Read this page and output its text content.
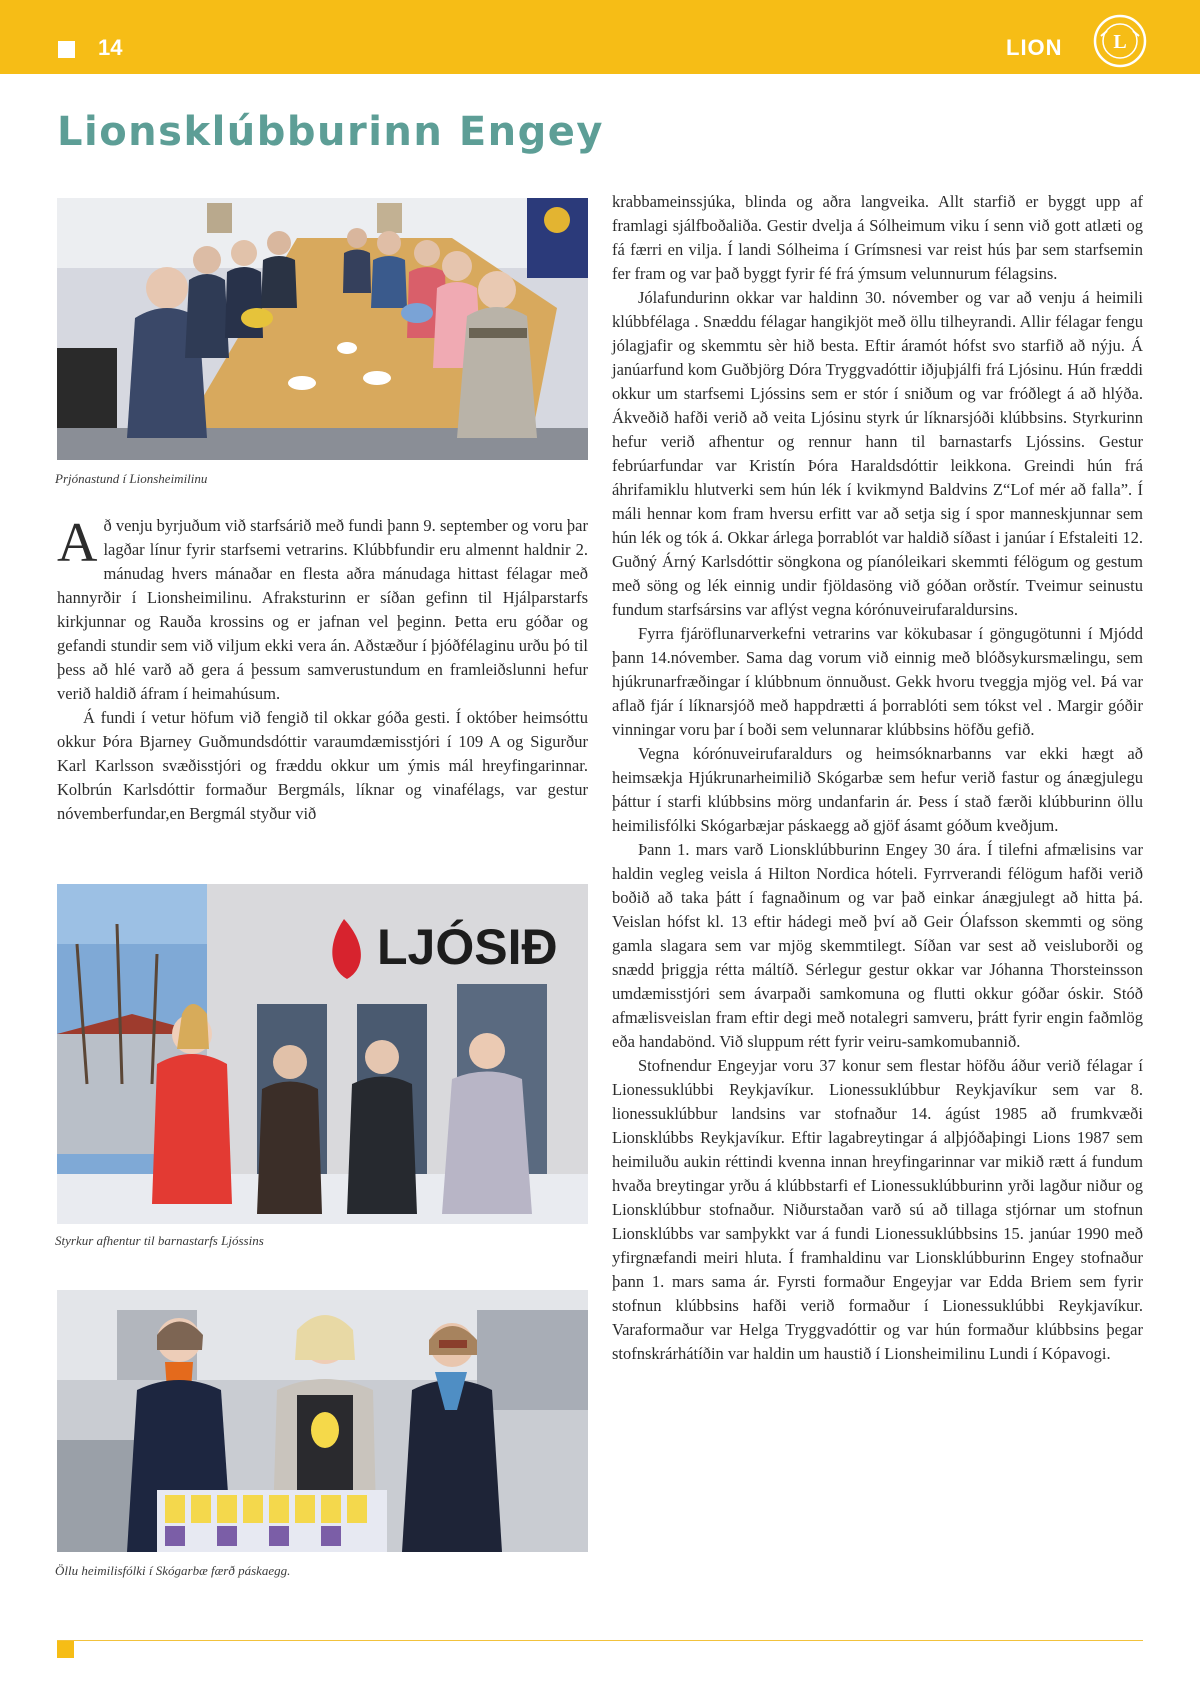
14	LION	L
Lionsklúbburinn Engey

Prjónastund í Lionsheimilinu

Að venju byrjuðum við starfsárið með fundi þann 9. september og voru þar lagðar línur fyrir starfsemi vetrarins. Klúbbfundir eru almennt haldnir 2. mánudag hvers mánaðar en flesta aðra mánudaga hittast félagar með hannyrðir í Lionsheimilinu. Afraksturinn er síðan gefinn til Hjálparstarfs kirkjunnar og Rauða krossins og er jafnan vel þeginn. Þetta eru góðar og gefandi stundir sem við viljum ekki vera án. Aðstæður í þjóðfélaginu urðu þó til þess að hlé varð að gera á þessum samverustundum en framleiðslunni hefur verið haldið áfram í heimahúsum.

Á fundi í vetur höfum við fengið til okkar góða gesti. Í október heimsóttu okkur Þóra Bjarney Guðmundsdóttir varaumdæmisstjóri í 109 A og Sigurður Karl Karlsson svæðisstjóri og fræddu okkur um ýmis mál hreyfingarinnar. Kolbrún Karlsdóttir formaður Bergmáls, líknar og vinafélags, var gestur nóvemberfundar,en Bergmál styður við

LJÓSIÐ

Styrkur afhentur til barnastarfs Ljóssins

Öllu heimilisfólki í Skógarbæ færð páskaegg.

krabbameinssjúka, blinda og aðra langveika. Allt starfið er byggt upp af framlagi sjálfboðaliða. Gestir dvelja á Sólheimum viku í senn við gott atlæti og fá færri en vilja. Í landi Sólheima í Grímsnesi var reist hús þar sem starfsemin fer fram og var það byggt fyrir fé frá ýmsum velunnurum félagsins.

Jólafundurinn okkar var haldinn 30. nóvember og var að venju á heimili klúbbfélaga . Snæddu félagar hangikjöt með öllu tilheyrandi. Allir félagar fengu jólagjafir og skemmtu sèr hið besta. Eftir áramót hófst svo starfið að nýju. Á janúarfund kom Guðbjörg Dóra Tryggvadóttir iðjuþjálfi frá Ljósinu. Hún fræddi okkur um starfsemi Ljóssins sem er stór í sniðum og var fróðlegt á að hlýða. Ákveðið hafði verið að veita Ljósinu styrk úr líknarsjóði klúbbsins. Styrkurinn hefur verið afhentur og rennur hann til barnastarfs Ljóssins. Gestur febrúarfundar var Kristín Þóra Haraldsdóttir leikkona. Greindi hún frá áhrifamiklu hlutverki sem hún lék í kvikmynd Baldvins Z“Lof mér að falla”. Í máli hennar kom fram hversu erfitt var að setja sig í spor manneskjunnar sem hún lék og tók á. Okkar árlega þorrablót var haldið síðast i janúar í Efstaleiti 12. Guðný Árný Karlsdóttir söngkona og píanóleikari skemmti félögum og gestum með söng og lék einnig undir fjöldasöng við góðan orðstír. Tveimur seinustu fundum starfsársins var aflýst vegna kórónuveirufaraldursins.

Fyrra fjáröflunarverkefni vetrarins var kökubasar í göngugötunni í Mjódd þann 14.nóvember. Sama dag vorum við einnig með blóðsykursmælingu, sem hjúkrunarfræðingar í klúbbnum önnuðust. Gekk hvoru tveggja mjög vel. Þá var aflað fjár í líknarsjóð með happdrætti á þorrablóti sem tókst vel . Margir góðir vinningar voru þar í boði sem velunnarar klúbbsins höfðu gefið.

Vegna kórónuveirufaraldurs og heimsóknarbanns var ekki hægt að heimsækja Hjúkrunarheimilið Skógarbæ sem hefur verið fastur og ánægjulegu þáttur í starfi klúbbsins mörg undanfarin ár. Þess í stað færði klúbburinn öllu heimilisfólki Skógarbæjar páskaegg að gjöf ásamt góðum kveðjum.

Þann 1. mars varð Lionsklúbburinn Engey 30 ára. Í tilefni afmælisins var haldin vegleg veisla á Hilton Nordica hóteli. Fyrrverandi félögum hafði verið boðið að taka þátt í fagnaðinum og var það einkar ánægjulegt að hitta þá. Veislan hófst kl. 13 eftir hádegi með því að Geir Ólafsson skemmti og söng gamla slagara sem var mjög skemmtilegt. Síðan var sest að veisluborði og snædd þriggja rétta máltíð. Sérlegur gestur okkar var Jóhanna Thorsteinsson umdæmisstjóri sem ávarpaði samkomuna og flutti okkur góðar óskir. Stóð afmælisveislan fram eftir degi með notalegri samveru, þrátt fyrir engin faðmlög eða handabönd. Við sluppum rétt fyrir veiru-samkomubannið.

Stofnendur Engeyjar voru 37 konur sem flestar höfðu áður verið félagar í Lionessuklúbbi Reykjavíkur. Lionessuklúbbur Reykjavíkur sem var 8. lionessuklúbbur landsins var stofnaður 14. ágúst 1985 að frumkvæði Lionsklúbbs Reykjavíkur. Eftir lagabreytingar á alþjóðaþingi Lions 1987 sem heimiluðu aukin réttindi kvenna innan hreyfingarinnar var mikið rætt á fundum hvaða breytingar yrðu á klúbbstarfi ef Lionessuklúbburinn yrði lagður niður og Lionsklúbbur stofnaður. Niðurstaðan varð sú að tillaga stjórnar um stofnun Lionsklúbbs var samþykkt var á fundi Lionessuklúbbsins 15. janúar 1990 með yfirgnæfandi meiri hluta. Í framhaldinu var Lionsklúbburinn Engey stofnaður þann 1. mars sama ár. Fyrsti formaður Engeyjar var Edda Briem sem fyrir stofnun klúbbsins hafði verið formaður í Lionessuklúbbi Reykjavíkur. Varaformaður var Helga Tryggvadóttir og var hún formaður klúbbsins þegar stofnskrárhátíðin var haldin um haustið í Lionsheimilinu Lundi í Kópavogi.
